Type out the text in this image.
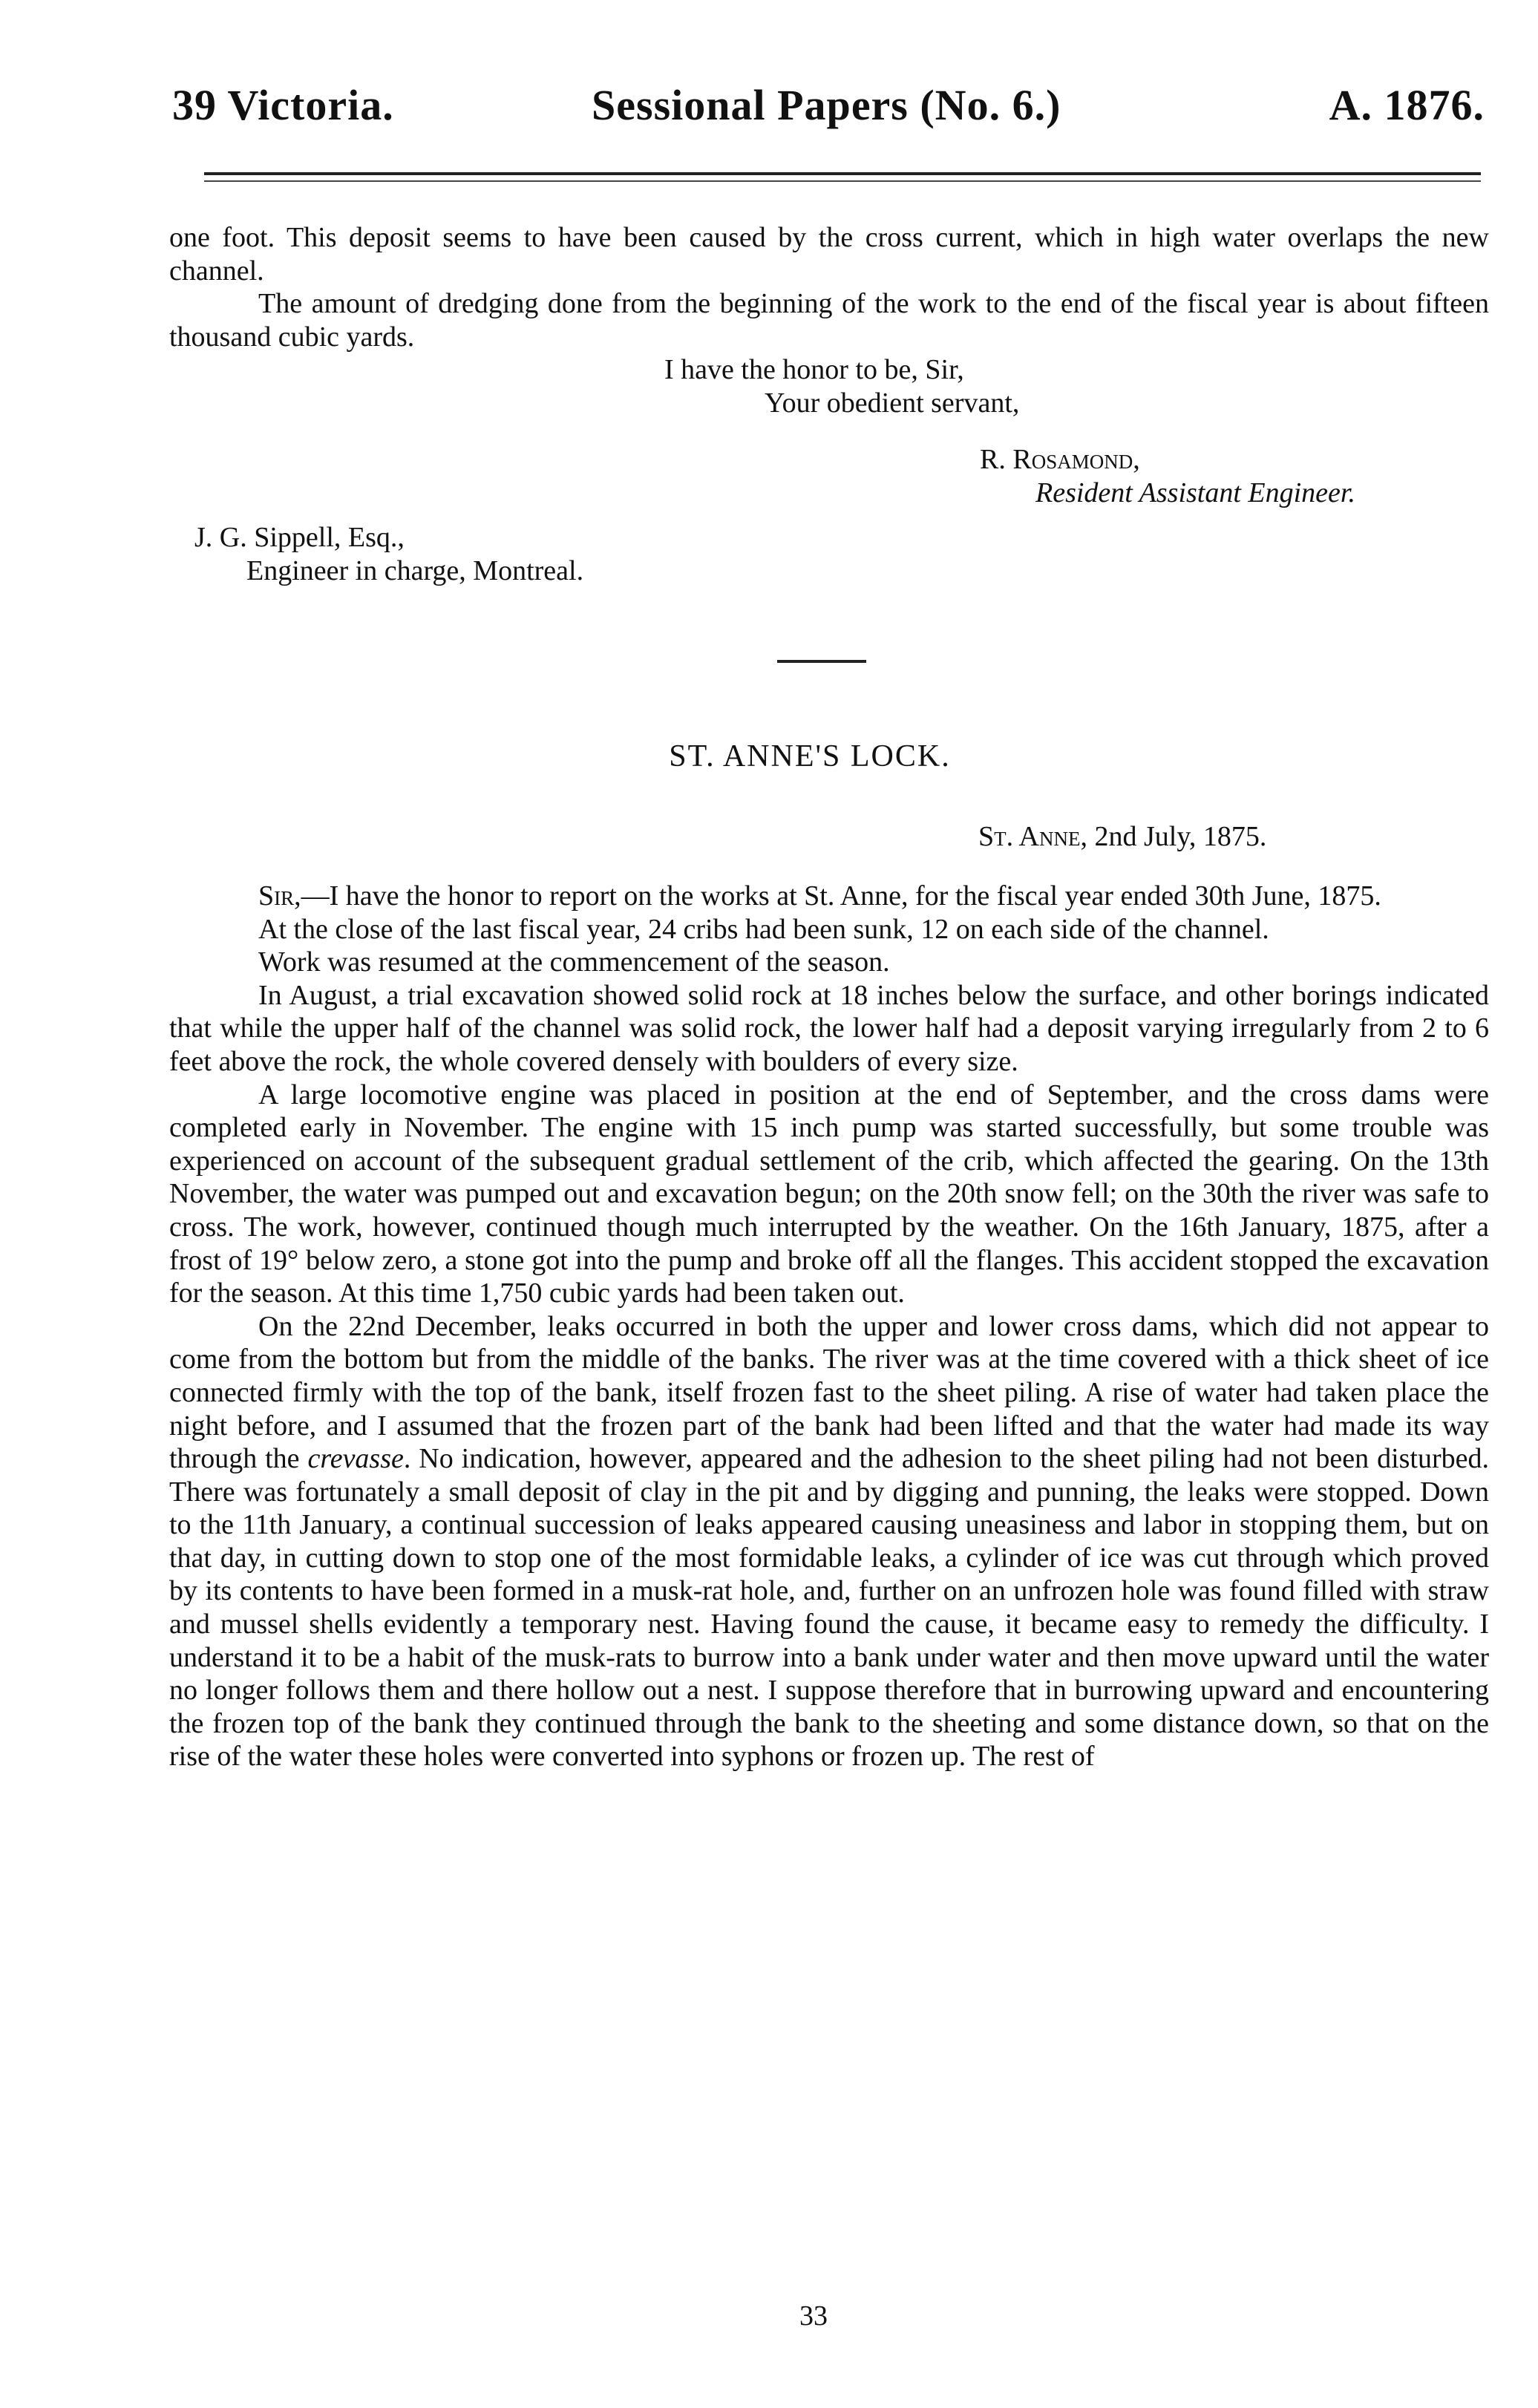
39 Victoria.	Sessional Papers (No. 6.)	A. 1876.

one foot. This deposit seems to have been caused by the cross current, which in high water overlaps the new channel.

The amount of dredging done from the beginning of the work to the end of the fiscal year is about fifteen thousand cubic yards.

I have the honor to be, Sir,
Your obedient servant,
R. Rosamond,
Resident Assistant Engineer.
J. G. Sippell, Esq.,
Engineer in charge, Montreal.
ST. ANNE'S LOCK.
St. Anne, 2nd July, 1875.

Sir,—I have the honor to report on the works at St. Anne, for the fiscal year ended 30th June, 1875.

At the close of the last fiscal year, 24 cribs had been sunk, 12 on each side of the channel.

Work was resumed at the commencement of the season.

In August, a trial excavation showed solid rock at 18 inches below the surface, and other borings indicated that while the upper half of the channel was solid rock, the lower half had a deposit varying irregularly from 2 to 6 feet above the rock, the whole covered densely with boulders of every size.

A large locomotive engine was placed in position at the end of September, and the cross dams were completed early in November. The engine with 15 inch pump was started successfully, but some trouble was experienced on account of the subsequent gradual settlement of the crib, which affected the gearing. On the 13th November, the water was pumped out and excavation begun; on the 20th snow fell; on the 30th the river was safe to cross. The work, however, continued though much interrupted by the weather. On the 16th January, 1875, after a frost of 19° below zero, a stone got into the pump and broke off all the flanges. This accident stopped the excavation for the season. At this time 1,750 cubic yards had been taken out.

On the 22nd December, leaks occurred in both the upper and lower cross dams, which did not appear to come from the bottom but from the middle of the banks. The river was at the time covered with a thick sheet of ice connected firmly with the top of the bank, itself frozen fast to the sheet piling. A rise of water had taken place the night before, and I assumed that the frozen part of the bank had been lifted and that the water had made its way through the crevasse. No indication, however, appeared and the adhesion to the sheet piling had not been disturbed. There was fortunately a small deposit of clay in the pit and by digging and punning, the leaks were stopped. Down to the 11th January, a continual succession of leaks appeared causing uneasiness and labor in stopping them, but on that day, in cutting down to stop one of the most formidable leaks, a cylinder of ice was cut through which proved by its contents to have been formed in a musk-rat hole, and, further on an unfrozen hole was found filled with straw and mussel shells evidently a temporary nest. Having found the cause, it became easy to remedy the difficulty. I understand it to be a habit of the musk-rats to burrow into a bank under water and then move upward until the water no longer follows them and there hollow out a nest. I suppose therefore that in burrowing upward and encountering the frozen top of the bank they continued through the bank to the sheeting and some distance down, so that on the rise of the water these holes were converted into syphons or frozen up. The rest of

33
